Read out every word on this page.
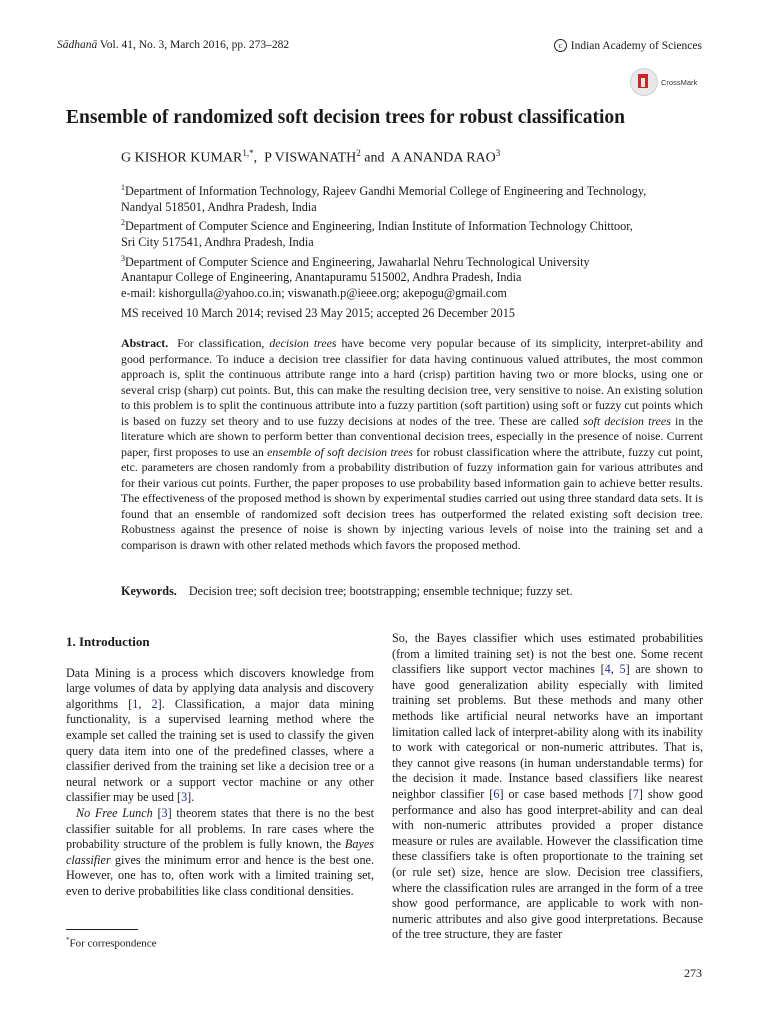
Sādhanā Vol. 41, No. 3, March 2016, pp. 273–282	c Indian Academy of Sciences
CrossMark
Ensemble of randomized soft decision trees for robust classification
G KISHOR $KUMAR^{1,*}$,  P VISWANATH$^2$ and A ANANDA RAO$^3$
$^1$Department of Information Technology, Rajeev Gandhi Memorial College of Engineering and Technology,
Nandyal 518501, Andhra Pradesh, India
$^2$Department of Computer Science and Engineering, Indian Institute of Information Technology Chittoor,
Sri City 517541, Andhra Pradesh, India
$^3$Department of Computer Science and Engineering, Jawaharlal Nehru Technological University
Anantapur College of Engineering, Anantapuramu 515002, Andhra Pradesh, India
e-mail: kishorgulla@yahoo.co.in; viswanath.p@ieee.org; akepogu@gmail.com
MS received 10 March 2014; revised 23 May 2015; accepted 26 December 2015
Abstract. For classification, decision trees have become very popular because of its simplicity, interpret-ability and good performance. To induce a decision tree classifier for data having continuous valued attributes, the most common approach is, split the continuous attribute range into a hard (crisp) partition having two or more blocks, using one or several crisp (sharp) cut points. But, this can make the resulting decision tree, very sensitive to noise. An existing solution to this problem is to split the continuous attribute into a fuzzy partition (soft partition) using soft or fuzzy cut points which is based on fuzzy set theory and to use fuzzy decisions at nodes of the tree. These are called soft decision trees in the literature which are shown to perform better than conventional decision trees, especially in the presence of noise. Current paper, first proposes to use an ensemble of soft decision trees for robust classification where the attribute, fuzzy cut point, etc. parameters are chosen randomly from a probability distribution of fuzzy information gain for various attributes and for their various cut points. Further, the paper proposes to use probability based information gain to achieve better results. The effectiveness of the proposed method is shown by experimental studies carried out using three standard data sets. It is found that an ensemble of randomized soft decision trees has outperformed the related existing soft decision tree. Robustness against the presence of noise is shown by injecting various levels of noise into the training set and a comparison is drawn with other related methods which favors the proposed method.
Keywords. Decision tree; soft decision tree; bootstrapping; ensemble technique; fuzzy set.
1. Introduction

Data Mining is a process which discovers knowledge from large volumes of data by applying data analysis and discovery algorithms [1, 2]. Classification, a major data mining functionality, is a supervised learning method where the example set called the training set is used to classify the given query data item into one of the predefined classes, where a classifier derived from the training set like a decision tree or a neural network or a support vector machine or any other classifier may be used [3].

No Free Lunch [3] theorem states that there is no the best classifier suitable for all problems. In rare cases where the probability structure of the problem is fully known, the Bayes classifier gives the minimum error and hence is the best one. However, one has to, often work with a limited training set, even to derive probabilities like class conditional densities.

So, the Bayes classifier which uses estimated probabilities (from a limited training set) is not the best one. Some recent classifiers like support vector machines [4, 5] are shown to have good generalization ability especially with limited training set problems. But these methods and many other methods like artificial neural networks have an important limitation called lack of interpret-ability along with its inability to work with categorical or non-numeric attributes. That is, they cannot give reasons (in human understandable terms) for the decision it made. Instance based classifiers like nearest neighbor classifier [6] or case based methods [7] show good performance and also has good interpret-ability and can deal with non-numeric attributes provided a proper distance measure or rules are available. However the classification time these classifiers take is often proportionate to the training set (or rule set) size, hence are slow. Decision tree classifiers, where the classification rules are arranged in the form of a tree show good performance, are applicable to work with non-numeric attributes and also give good interpretations. Because of the tree structure, they are faster

*For correspondence
273
